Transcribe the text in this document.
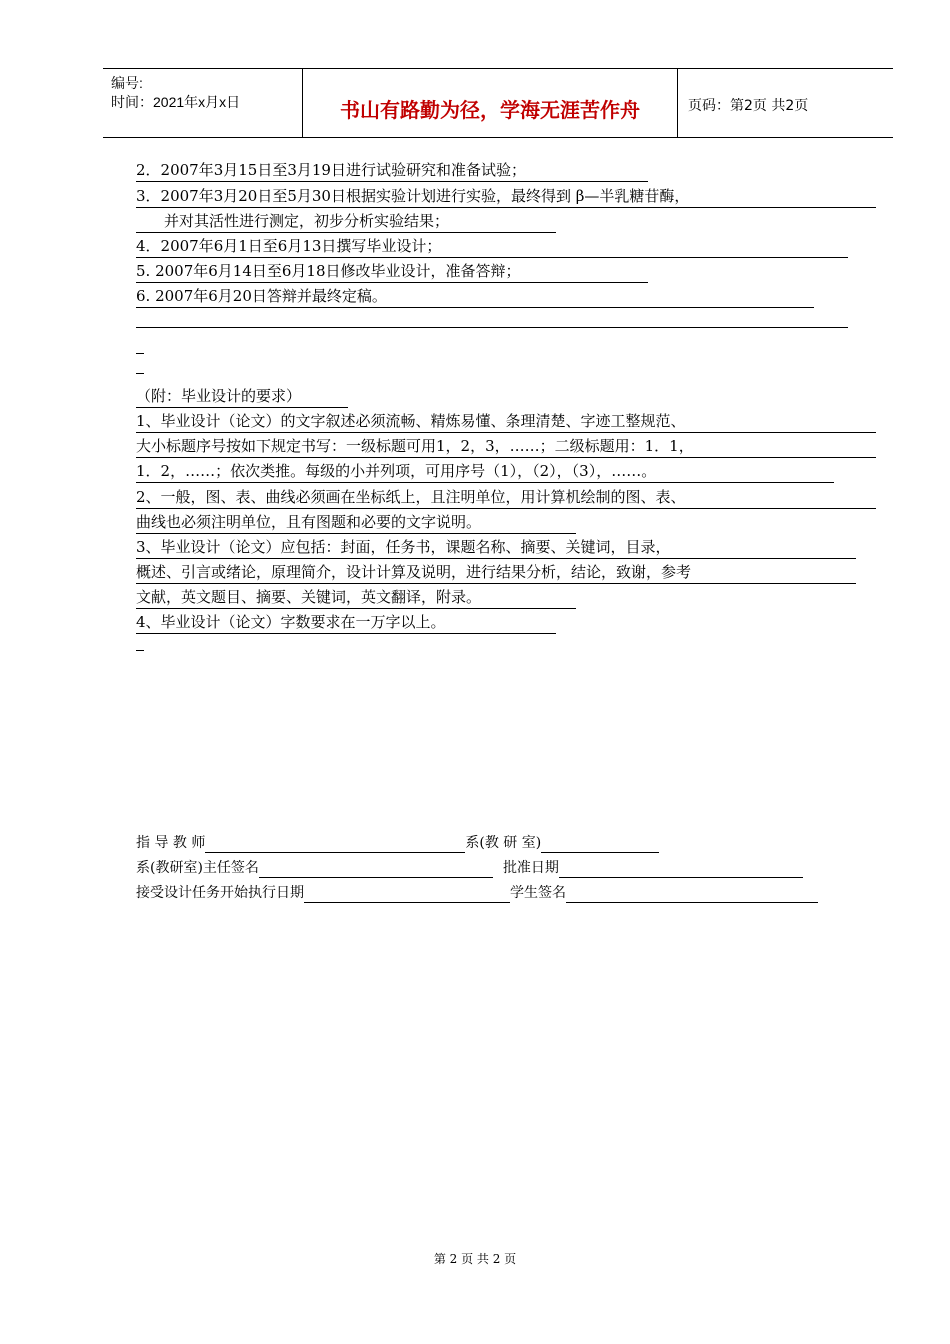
编号:
时间：2021年x月x日	书山有路勤为径，学海无涯苦作舟	页码：第2页 共2页
2．2007年3月15日至3月19日进行试验研究和准备试验；
3．2007年3月20日至5月30日根据实验计划进行实验，最终得到 β—半乳糖苷酶，
并对其活性进行测定，初步分析实验结果；
4．2007年6月1日至6月13日撰写毕业设计；
5. 2007年6月14日至6月18日修改毕业设计，准备答辩；
6. 2007年6月20日答辩并最终定稿。
（附：毕业设计的要求）
1、毕业设计（论文）的文字叙述必须流畅、精炼易懂、条理清楚、字迹工整规范、
大小标题序号按如下规定书写：一级标题可用1，2，3，……；二级标题用：1．1，
1．2，……；依次类推。每级的小并列项，可用序号（1），（2），（3），……。
2、一般，图、表、曲线必须画在坐标纸上，且注明单位，用计算机绘制的图、表、
曲线也必须注明单位，且有图题和必要的文字说明。
3、毕业设计（论文）应包括：封面，任务书，课题名称、摘要、关键词，目录，
概述、引言或绪论，原理简介，设计计算及说明，进行结果分析，结论，致谢，参考
文献，英文题目、摘要、关键词，英文翻译，附录。
4、毕业设计（论文）字数要求在一万字以上。
指 导 教 师	系(教 研 室)
系(教研室)主任签名	批准日期
接受设计任务开始执行日期	学生签名
第 2 页 共 2 页
